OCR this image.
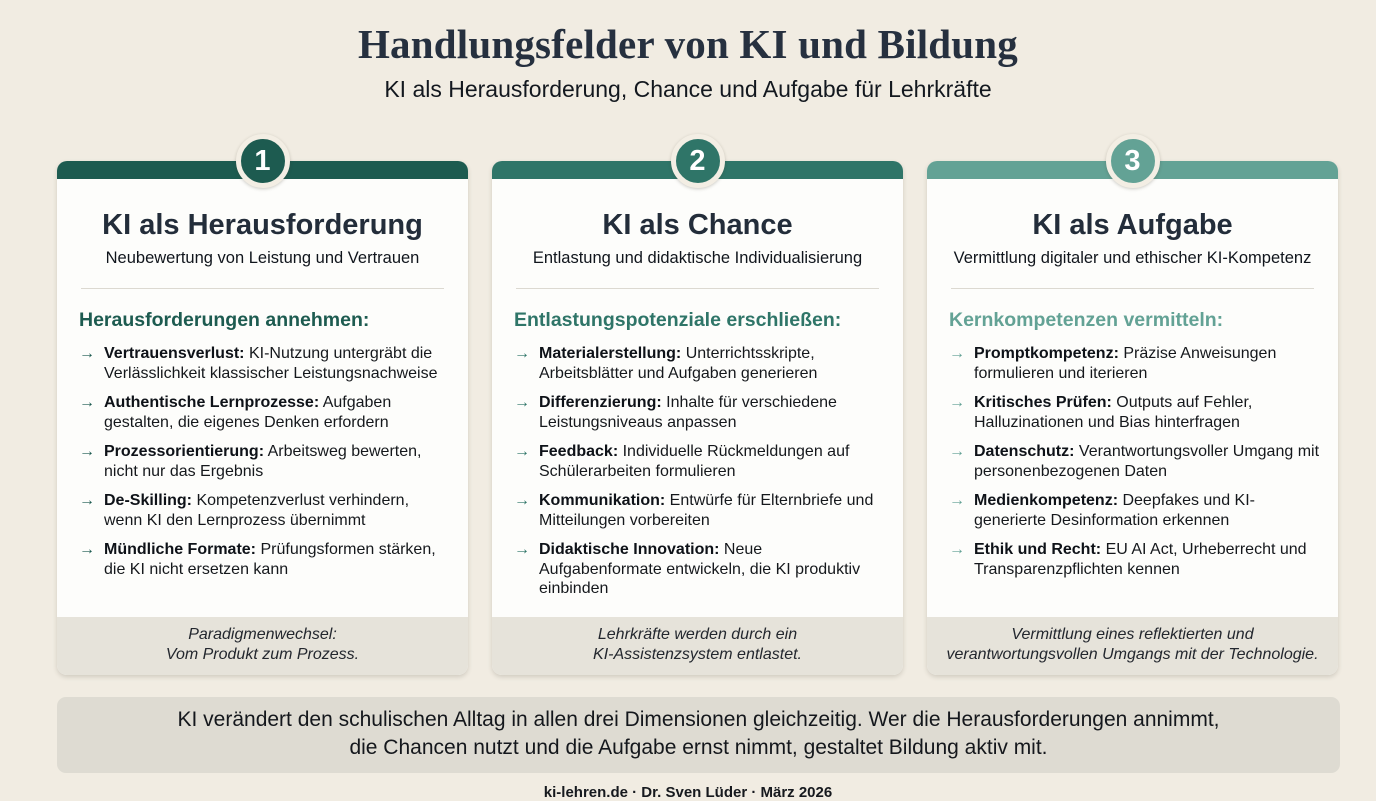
Handlungsfelder von KI und Bildung
KI als Herausforderung, Chance und Aufgabe für Lehrkräfte
1
KI als Herausforderung
Neubewertung von Leistung und Vertrauen
Herausforderungen annehmen:
→ Vertrauensverlust: KI-Nutzung untergräbt die Verlässlichkeit klassischer Leistungsnachweise
→ Authentische Lernprozesse: Aufgaben gestalten, die eigenes Denken erfordern
→ Prozessorientierung: Arbeitsweg bewerten, nicht nur das Ergebnis
→ De-Skilling: Kompetenzverlust verhindern, wenn KI den Lernprozess übernimmt
→ Mündliche Formate: Prüfungsformen stärken, die KI nicht ersetzen kann
Paradigmenwechsel:
Vom Produkt zum Prozess.
2
KI als Chance
Entlastung und didaktische Individualisierung
Entlastungspotenziale erschließen:
→ Materialerstellung: Unterrichtsskripte, Arbeitsblätter und Aufgaben generieren
→ Differenzierung: Inhalte für verschiedene Leistungsniveaus anpassen
→ Feedback: Individuelle Rückmeldungen auf Schülerarbeiten formulieren
→ Kommunikation: Entwürfe für Elternbriefe und Mitteilungen vorbereiten
→ Didaktische Innovation: Neue Aufgabenformate entwickeln, die KI produktiv einbinden
Lehrkräfte werden durch ein
KI-Assistenzsystem entlastet.
3
KI als Aufgabe
Vermittlung digitaler und ethischer KI-Kompetenz
Kernkompetenzen vermitteln:
→ Promptkompetenz: Präzise Anweisungen formulieren und iterieren
→ Kritisches Prüfen: Outputs auf Fehler, Halluzinationen und Bias hinterfragen
→ Datenschutz: Verantwortungsvoller Umgang mit personenbezogenen Daten
→ Medienkompetenz: Deepfakes und KI-generierte Desinformation erkennen
→ Ethik und Recht: EU AI Act, Urheberrecht und Transparenzpflichten kennen
Vermittlung eines reflektierten und
verantwortungsvollen Umgangs mit der Technologie.
KI verändert den schulischen Alltag in allen drei Dimensionen gleichzeitig. Wer die Herausforderungen annimmt,
die Chancen nutzt und die Aufgabe ernst nimmt, gestaltet Bildung aktiv mit.
ki-lehren.de · Dr. Sven Lüder · März 2026
